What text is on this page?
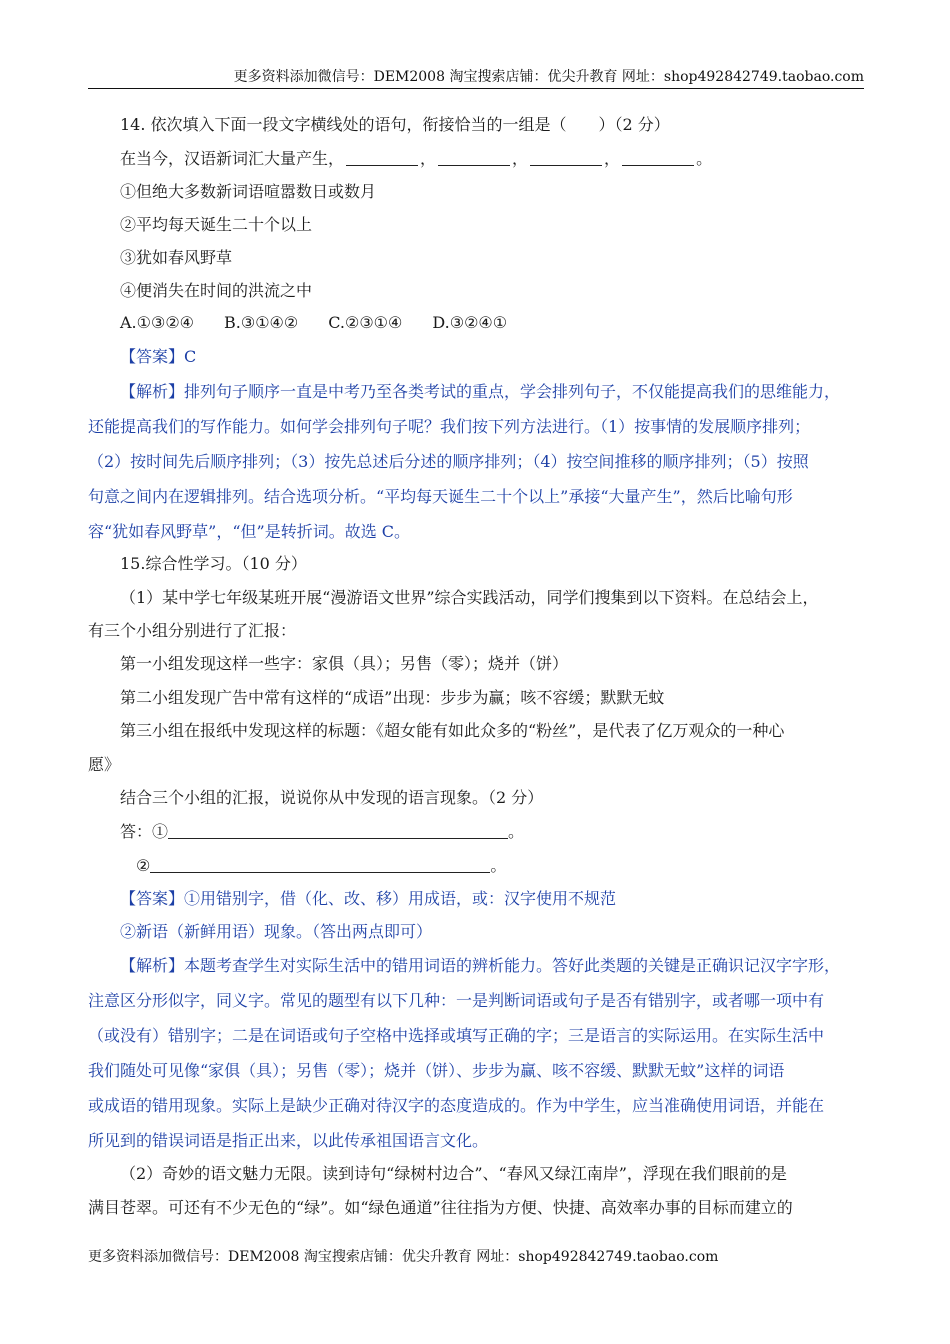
更多资料添加微信号：DEM2008 淘宝搜索店铺：优尖升教育 网址：shop492842749.taobao.com
14. 依次填入下面一段文字横线处的语句，衔接恰当的一组是（　　）（2 分）
在当今，汉语新词汇大量产生，	，	，	，	。
①但绝大多数新词语喧嚣数日或数月
②平均每天诞生二十个以上
③犹如春风野草
④便消失在时间的洪流之中
A.①③②④ B.③①④② C.②③①④ D.③②④①
【答案】C
【解析】排列句子顺序一直是中考乃至各类考试的重点，学会排列句子，不仅能提高我们的思维能力，
还能提高我们的写作能力。如何学会排列句子呢？我们按下列方法进行。（1）按事情的发展顺序排列；
（2）按时间先后顺序排列；（3）按先总述后分述的顺序排列；（4）按空间推移的顺序排列；（5）按照
句意之间内在逻辑排列。结合选项分析。“平均每天诞生二十个以上”承接“大量产生”，然后比喻句形
容“犹如春风野草”，“但”是转折词。故选 C。
15.综合性学习。（10 分）
（1）某中学七年级某班开展“漫游语文世界”综合实践活动，同学们搜集到以下资料。在总结会上，
有三个小组分别进行了汇报：
第一小组发现这样一些字：家俱（具）；另售（零）；烧并（饼）
第二小组发现广告中常有这样的“成语”出现：步步为赢；咳不容缓；默默无蚊
第三小组在报纸中发现这样的标题：《超女能有如此众多的“粉丝”，是代表了亿万观众的一种心
愿》
结合三个小组的汇报，说说你从中发现的语言现象。（2 分）
答：①	。
②	。
【答案】①用错别字，借（化、改、移）用成语，或：汉字使用不规范
②新语（新鲜用语）现象。（答出两点即可）
【解析】本题考查学生对实际生活中的错用词语的辨析能力。答好此类题的关键是正确识记汉字字形，
注意区分形似字，同义字。常见的题型有以下几种：一是判断词语或句子是否有错别字，或者哪一项中有
（或没有）错别字；二是在词语或句子空格中选择或填写正确的字；三是语言的实际运用。在实际生活中
我们随处可见像“家俱（具）；另售（零）；烧并（饼）、步步为赢、咳不容缓、默默无蚊”这样的词语
或成语的错用现象。实际上是缺少正确对待汉字的态度造成的。作为中学生，应当准确使用词语，并能在
所见到的错误词语是指正出来，以此传承祖国语言文化。
（2）奇妙的语文魅力无限。读到诗句“绿树村边合”、“春风又绿江南岸”，浮现在我们眼前的是
满目苍翠。可还有不少无色的“绿”。如“绿色通道”往往指为方便、快捷、高效率办事的目标而建立的
更多资料添加微信号：DEM2008 淘宝搜索店铺：优尖升教育 网址：shop492842749.taobao.com
